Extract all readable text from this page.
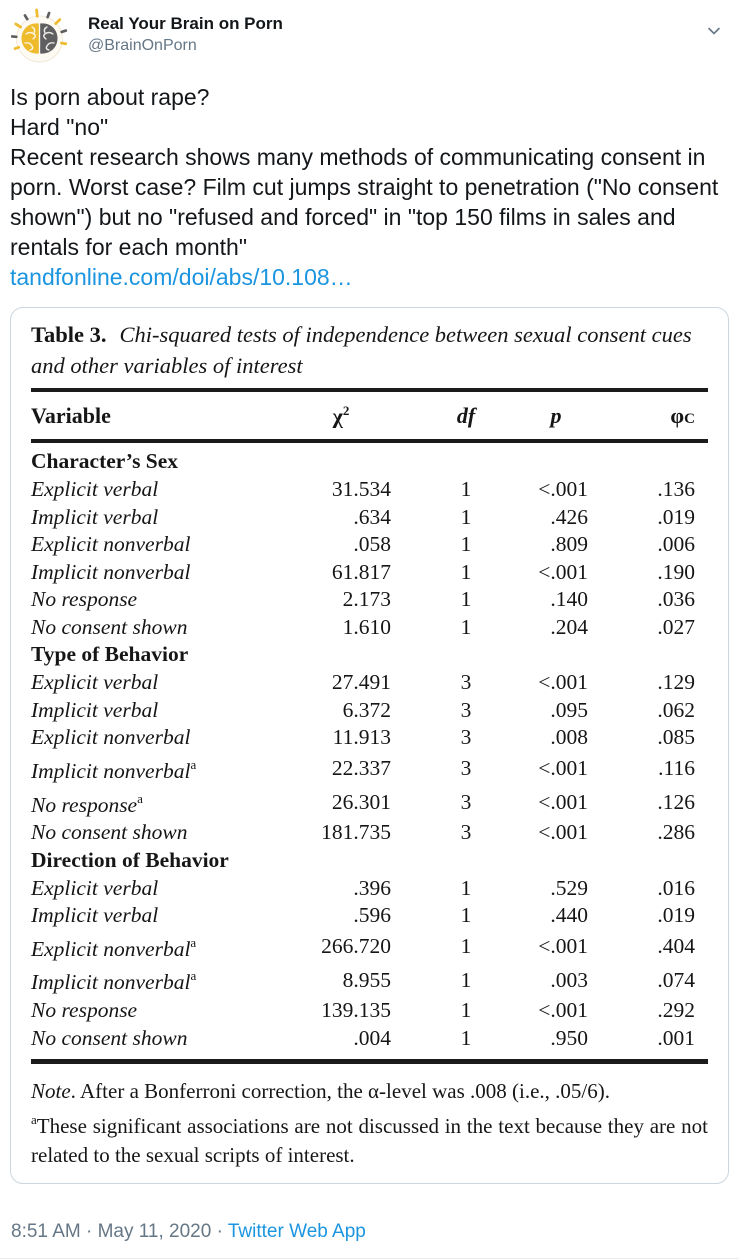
Real Your Brain on Porn
@BrainOnPorn
Is porn about rape?
Hard "no"
Recent research shows many methods of communicating consent in porn. Worst case? Film cut jumps straight to penetration ("No consent shown") but no "refused and forced" in "top 150 films in sales and rentals for each month"
tandfonline.com/doi/abs/10.108…
Table 3. Chi-squared tests of independence between sexual consent cues and other variables of interest
Variable	$\chi^2$	df	p	φC
Character’s Sex				
Explicit verbal	31.534	1	<.001	.136
Implicit verbal	.634	1	.426	.019
Explicit nonverbal	.058	1	.809	.006
Implicit nonverbal	61.817	1	<.001	.190
No response	2.173	1	.140	.036
No consent shown	1.610	1	.204	.027
Type of Behavior				
Explicit verbal	27.491	3	<.001	.129
Implicit verbal	6.372	3	.095	.062
Explicit nonverbal	11.913	3	.008	.085
Implicit nonverbal$^a$	22.337	3	<.001	.116
No response$^a$	26.301	3	<.001	.126
No consent shown	181.735	3	<.001	.286
Direction of Behavior				
Explicit verbal	.396	1	.529	.016
Implicit verbal	.596	1	.440	.019
Explicit nonverbal$^a$	266.720	1	<.001	.404
Implicit nonverbal$^a$	8.955	1	.003	.074
No response	139.135	1	<.001	.292
No consent shown	.004	1	.950	.001

Note. After a Bonferroni correction, the α-level was .008 (i.e., .05/6).

$^a$These significant associations are not discussed in the text because they are not related to the sexual scripts of interest.

8:51 AM · May 11, 2020 · Twitter Web App
